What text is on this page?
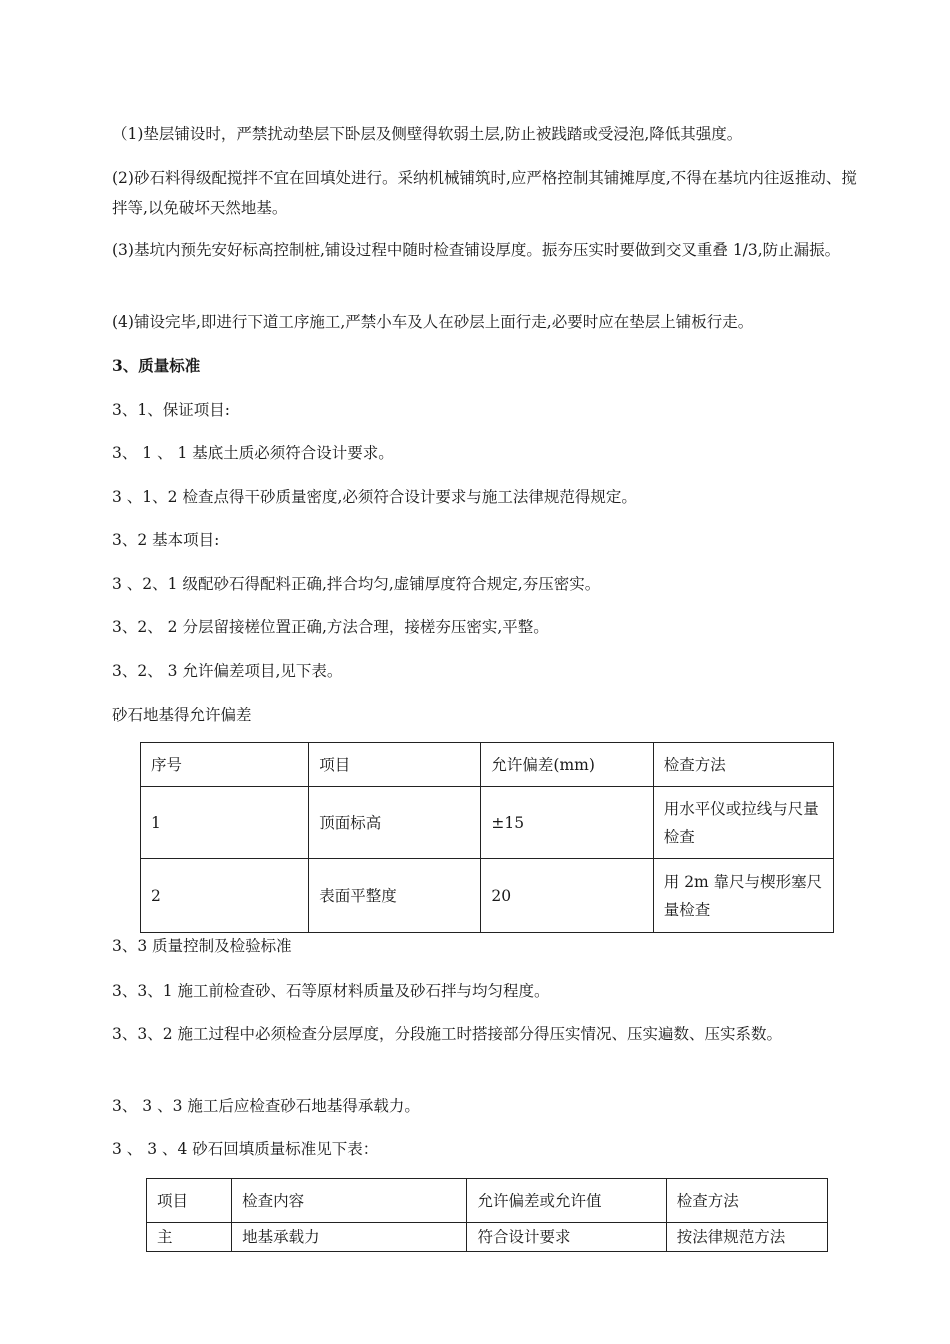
（1)垫层铺设时，严禁扰动垫层下卧层及侧壁得软弱土层,防止被践踏或受浸泡,降低其强度。
(2)砂石料得级配搅拌不宜在回填处进行。采纳机械铺筑时,应严格控制其铺摊厚度,不得在基坑内往返推动、搅拌等,以免破坏天然地基。
(3)基坑内预先安好标高控制桩,铺设过程中随时检查铺设厚度。振夯压实时要做到交叉重叠 1/3,防止漏振。
(4)铺设完毕,即进行下道工序施工,严禁小车及人在砂层上面行走,必要时应在垫层上铺板行走。
3、质量标准
3、1、保证项目:
3、 1 、 1 基底土质必须符合设计要求。
3 、1、2 检查点得干砂质量密度,必须符合设计要求与施工法律规范得规定。
3、2 基本项目:
3 、2、1 级配砂石得配料正确,拌合均匀,虚铺厚度符合规定,夯压密实。
3、2、 2 分层留接槎位置正确,方法合理，接槎夯压密实,平整。
3、2、 3 允许偏差项目,见下表。
砂石地基得允许偏差
序号	项目	允许偏差(mm)	检查方法
1	顶面标高	±15	用水平仪或拉线与尺量检查
2	表面平整度	20	用 2m 靠尺与楔形塞尺量检查
3、3 质量控制及检验标准
3、3、1 施工前检查砂、石等原材料质量及砂石拌与均匀程度。
3、3、2 施工过程中必须检查分层厚度，分段施工时搭接部分得压实情况、压实遍数、压实系数。
3、 3 、3 施工后应检查砂石地基得承载力。
3 、 3 、4 砂石回填质量标准见下表：
项目	检查内容	允许偏差或允许值	检查方法
主	地基承载力	符合设计要求	按法律规范方法
